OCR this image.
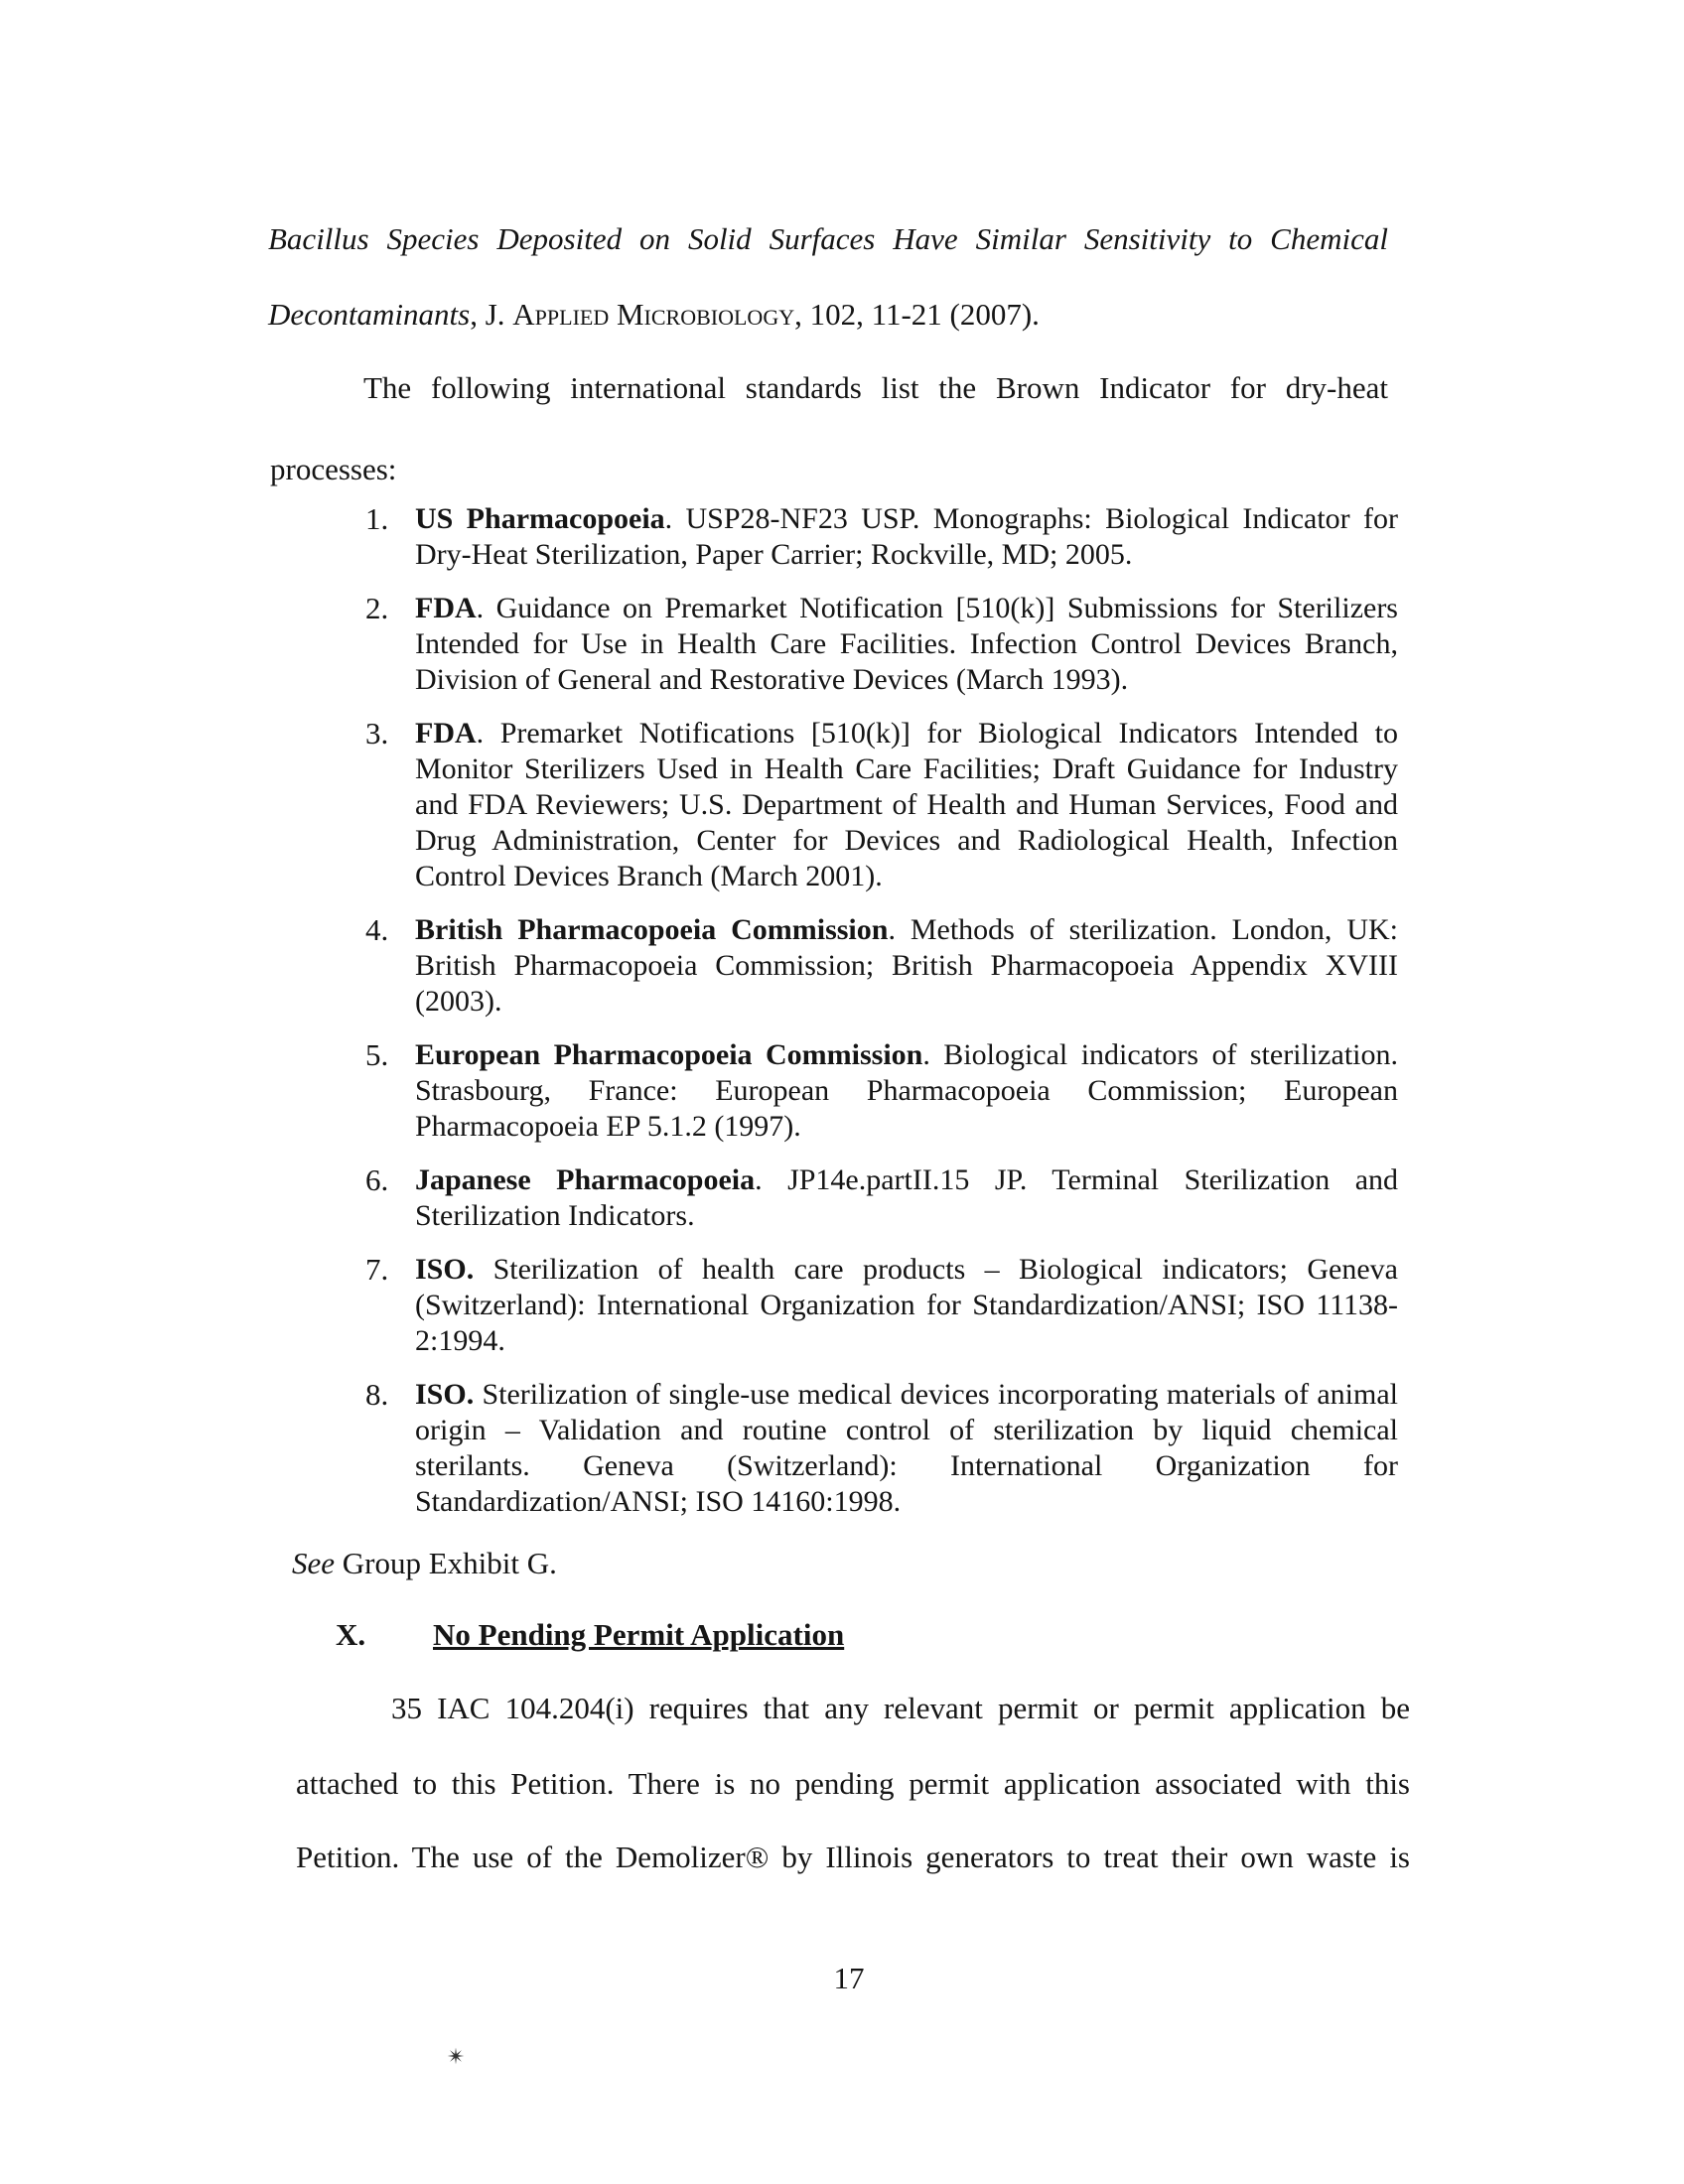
Bacillus Species Deposited on Solid Surfaces Have Similar Sensitivity to Chemical
Decontaminants, J. Applied Microbiology, 102, 11-21 (2007).
The following international standards list the Brown Indicator for dry-heat
processes:
1. US Pharmacopoeia. USP28-NF23 USP. Monographs: Biological Indicator for Dry-Heat Sterilization, Paper Carrier; Rockville, MD; 2005.
2. FDA. Guidance on Premarket Notification [510(k)] Submissions for Sterilizers Intended for Use in Health Care Facilities. Infection Control Devices Branch, Division of General and Restorative Devices (March 1993).
3. FDA. Premarket Notifications [510(k)] for Biological Indicators Intended to Monitor Sterilizers Used in Health Care Facilities; Draft Guidance for Industry and FDA Reviewers; U.S. Department of Health and Human Services, Food and Drug Administration, Center for Devices and Radiological Health, Infection Control Devices Branch (March 2001).
4. British Pharmacopoeia Commission. Methods of sterilization. London, UK: British Pharmacopoeia Commission; British Pharmacopoeia Appendix XVIII (2003).
5. European Pharmacopoeia Commission. Biological indicators of sterilization. Strasbourg, France: European Pharmacopoeia Commission; European Pharmacopoeia EP 5.1.2 (1997).
6. Japanese Pharmacopoeia. JP14e.partII.15 JP. Terminal Sterilization and Sterilization Indicators.
7. ISO. Sterilization of health care products – Biological indicators; Geneva (Switzerland): International Organization for Standardization/ANSI; ISO 11138-2:1994.
8. ISO. Sterilization of single-use medical devices incorporating materials of animal origin – Validation and routine control of sterilization by liquid chemical sterilants. Geneva (Switzerland): International Organization for Standardization/ANSI; ISO 14160:1998.
See Group Exhibit G.
X. No Pending Permit Application
35 IAC 104.204(i) requires that any relevant permit or permit application be
attached to this Petition. There is no pending permit application associated with this
Petition. The use of the Demolizer® by Illinois generators to treat their own waste is
17
✴
